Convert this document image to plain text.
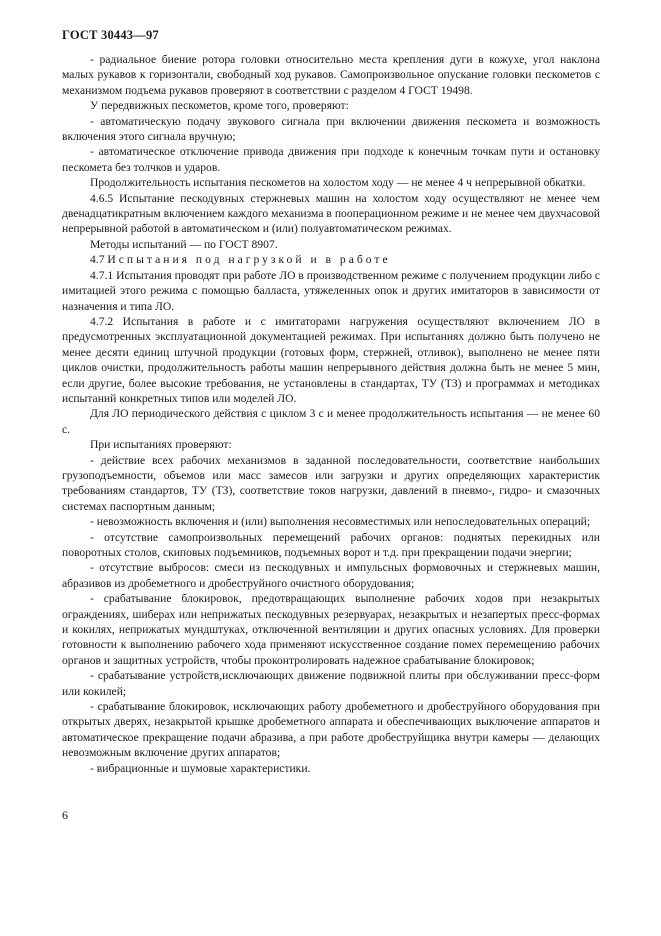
ГОСТ 30443—97

- радиальное биение ротора головки относительно места крепления дуги в кожухе, угол наклона малых рукавов к горизонтали, свободный ход рукавов. Самопроизвольное опускание головки пескометов с механизмом подъема рукавов проверяют в соответствии с разделом 4 ГОСТ 19498.

У передвижных пескометов, кроме того, проверяют:

- автоматическую подачу звукового сигнала при включении движения пескомета и возможность включения этого сигнала вручную;

- автоматическое отключение привода движения при подходе к конечным точкам пути и остановку пескомета без толчков и ударов.

Продолжительность испытания пескометов на холостом ходу — не менее 4 ч непрерывной обкатки.

4.6.5 Испытание пескодувных стержневых машин на холостом ходу осуществляют не менее чем двенадцатикратным включением каждого механизма в пооперационном режиме и не менее чем двухчасовой непрерывной работой в автоматическом и (или) полуавтоматическом режимах.

Методы испытаний — по ГОСТ 8907.

4.7 Испытания под нагрузкой и в работе

4.7.1 Испытания проводят при работе ЛО в производственном режиме с получением продукции либо с имитацией этого режима с помощью балласта, утяжеленных опок и других имитаторов в зависимости от назначения и типа ЛО.

4.7.2 Испытания в работе и с имитаторами нагружения осуществляют включением ЛО в предусмотренных эксплуатационной документацией режимах. При испытаниях должно быть получено не менее десяти единиц штучной продукции (готовых форм, стержней, отливок), выполнено не менее пяти циклов очистки, продолжительность работы машин непрерывного действия должна быть не менее 5 мин, если другие, более высокие требования, не установлены в стандартах, ТУ (ТЗ) и программах и методиках испытаний конкретных типов или моделей ЛО.

Для ЛО периодического действия с циклом 3 с и менее продолжительность испытания — не менее 60 с.

При испытаниях проверяют:

- действие всех рабочих механизмов в заданной последовательности, соответствие наибольших грузоподъемности, объемов или масс замесов или загрузки и других определяющих характеристик требованиям стандартов, ТУ (ТЗ), соответствие токов нагрузки, давлений в пневмо-, гидро- и смазочных системах паспортным данным;

- невозможность включения и (или) выполнения несовместимых или непоследовательных операций;

- отсутствие самопроизвольных перемещений рабочих органов: поднятых перекидных или поворотных столов, скиповых подъемников, подъемных ворот и т.д. при прекращении подачи энергии;

- отсутствие выбросов: смеси из пескодувных и импульсных формовочных и стержневых машин, абразивов из дробеметного и дробеструйного очистного оборудования;

- срабатывание блокировок, предотвращающих выполнение рабочих ходов при незакрытых ограждениях, шиберах или неприжатых пескодувных резервуарах, незакрытых и незапертых пресс-формах и кокилях, неприжатых мундштуках, отключенной вентиляции и других опасных условиях. Для проверки готовности к выполнению рабочего хода применяют искусственное создание помех перемещению рабочих органов и защитных устройств, чтобы проконтролировать надежное срабатывание блокировок;

- срабатывание устройств,исключающих движение подвижной плиты при обслуживании пресс-форм или кокилей;

- срабатывание блокировок, исключающих работу дробеметного и дробеструйного оборудования при открытых дверях, незакрытой крышке дробеметного аппарата и обеспечивающих выключение аппаратов и автоматическое прекращение подачи абразива, а при работе дробеструйщика внутри камеры — делающих невозможным включение других аппаратов;

- вибрационные и шумовые характеристики.

6
